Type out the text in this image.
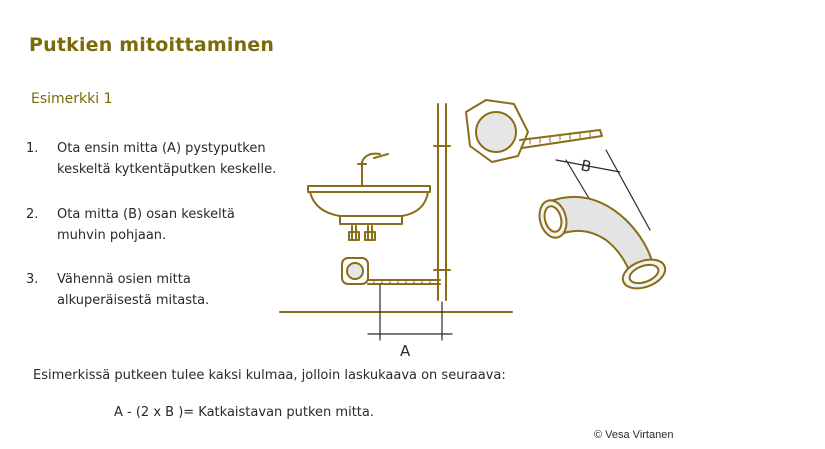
Putkien mitoittaminen
Esimerkki 1
1.	Ota ensin mitta (A) pystyputken
keskeltä kytkentäputken keskelle.
2.	Ota mitta (B) osan keskeltä
muhvin pohjaan.
3.	Vähennä osien mitta
alkuperäisestä mitasta.
A
B
Esimerkissä putkeen tulee kaksi kulmaa, jolloin laskukaava on seuraava:
A - (2 x B )= Katkaistavan putken mitta.
© Vesa Virtanen
